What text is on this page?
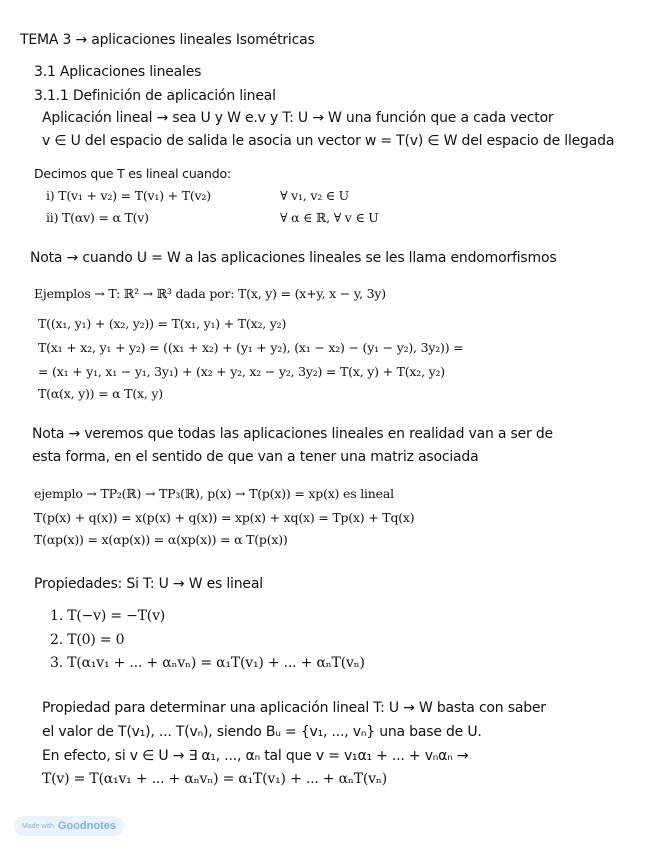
TEMA 3 → aplicaciones lineales Isométricas
3.1 Aplicaciones lineales
3.1.1 Definición de aplicación lineal
Aplicación lineal → sea U y W e.v y T: U → W una función que a cada vector
v ∈ U del espacio de salida le asocia un vector w = T(v) ∈ W del espacio de llegada
Decimos que T es lineal cuando:
i) T(v₁ + v₂) = T(v₁) + T(v₂)	∀ v₁, v₂ ∈ U
ii) T(αv) = α T(v)	∀ α ∈ ℝ, ∀ v ∈ U
Nota → cuando U = W a las aplicaciones lineales se les llama endomorfismos
Ejemplos → T: ℝ² → ℝ³ dada por: T(x, y) = (x+y, x − y, 3y)
T((x₁, y₁) + (x₂, y₂)) = T(x₁, y₁) + T(x₂, y₂)
T(x₁ + x₂, y₁ + y₂) = ((x₁ + x₂) + (y₁ + y₂), (x₁ − x₂) − (y₁ − y₂), 3y₂)) =
= (x₁ + y₁, x₁ − y₁, 3y₁) + (x₂ + y₂, x₂ − y₂, 3y₂) = T(x, y) + T(x₂, y₂)
T(α(x, y)) = α T(x, y)
Nota → veremos que todas las aplicaciones lineales en realidad van a ser de
esta forma, en el sentido de que van a tener una matriz asociada
ejemplo → TP₂(ℝ) → TP₃(ℝ), p(x) → T(p(x)) = xp(x) es lineal
T(p(x) + q(x)) = x(p(x) + q(x)) = xp(x) + xq(x) = Tp(x) + Tq(x)
T(αp(x)) = x(αp(x)) = α(xp(x)) = α T(p(x))
Propiedades: Si T: U → W es lineal
1. T(−v) = −T(v)
2. T(0) = 0
3. T(α₁v₁ + ... + αₙvₙ) = α₁T(v₁) + ... + αₙT(vₙ)
Propiedad para determinar una aplicación lineal T: U → W basta con saber
el valor de T(v₁), ... T(vₙ), siendo Bᵤ = {v₁, ..., vₙ} una base de U.
En efecto, si v ∈ U → ∃ α₁, ..., αₙ tal que v = v₁α₁ + ... + vₙαₙ →
T(v) = T(α₁v₁ + ... + αₙvₙ) = α₁T(v₁) + ... + αₙT(vₙ)
Made with Goodnotes
